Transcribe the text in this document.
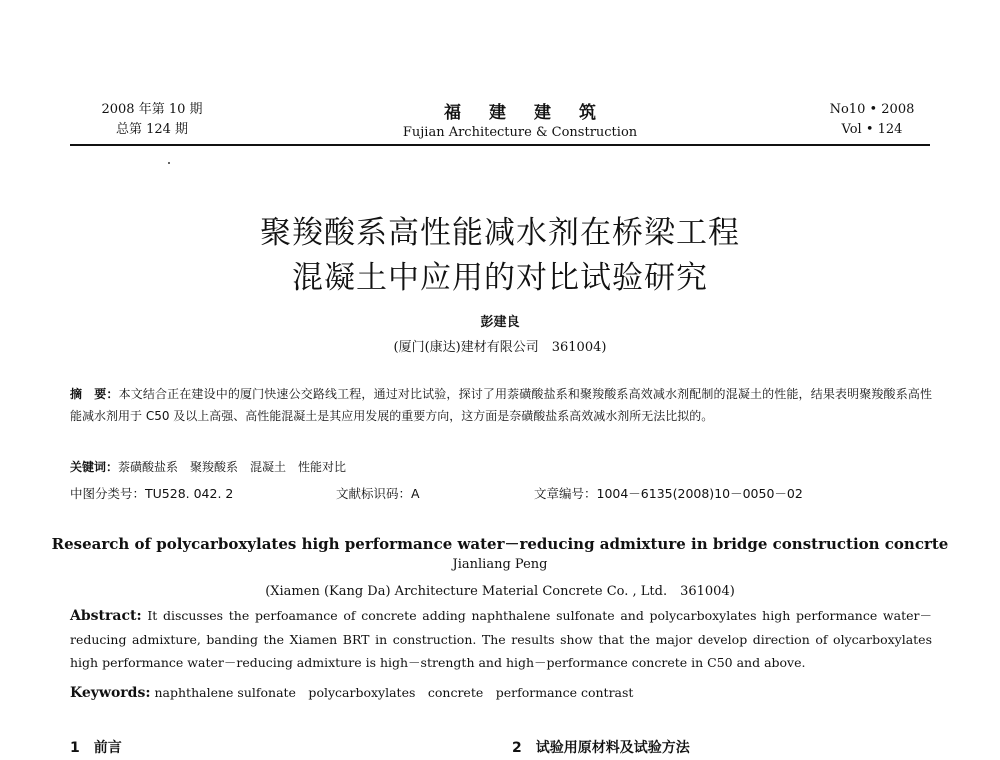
2008 年第 10 期
总第 124 期
福建建筑
Fujian Architecture & Construction
No10 • 2008
Vol • 124
聚羧酸系高性能减水剂在桥梁工程
混凝土中应用的对比试验研究
彭建良
(厦门(康达)建材有限公司　361004)
摘　要：本文结合正在建设中的厦门快速公交路线工程，通过对比试验，探讨了用萘磺酸盐系和聚羧酸系高效减水剂配制的混凝土的性能，结果表明聚羧酸系高性能减水剂用于 C50 及以上高强、高性能混凝土是其应用发展的重要方向，这方面是奈磺酸盐系高效减水剂所无法比拟的。
关键词：萘磺酸盐系　聚羧酸系　混凝土　性能对比
中图分类号：TU528. 042. 2	文献标识码：A	文章编号：1004－6135(2008)10－0050－02
Research of polycarboxylates high performance water－reducing admixture in bridge construction concrte
Jianliang Peng
(Xiamen (Kang Da) Architecture Material Concrete Co. , Ltd.　361004)
Abstract: It discusses the perfoamance of concrete adding naphthalene sulfonate and polycarboxylates high performance water－reducing admixture, banding the Xiamen BRT in construction. The results show that the major develop direction of olycarboxylates high performance water－reducing admixture is high－strength and high－performance concrete in C50 and above.
Keywords: naphthalene sulfonate　polycarboxylates　concrete　performance contrast
1　前言	2　试验用原材料及试验方法
